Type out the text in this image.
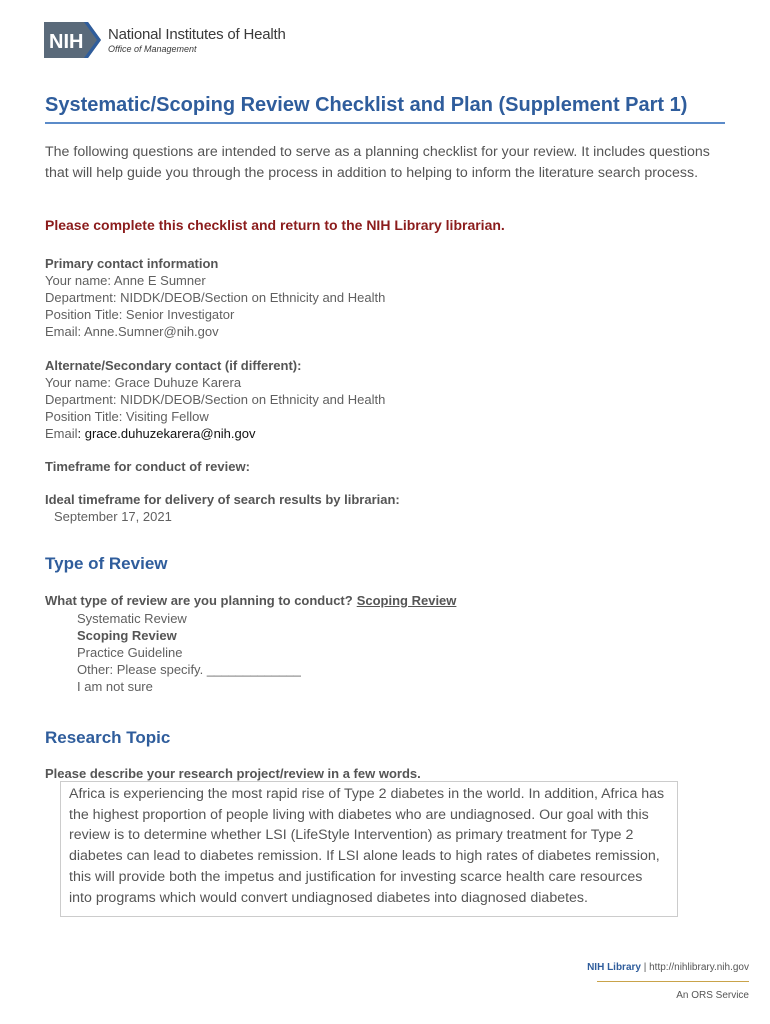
NIH National Institutes of Health
Office of Management
Systematic/Scoping Review Checklist and Plan (Supplement Part 1)

The following questions are intended to serve as a planning checklist for your review. It includes questions that will help guide you through the process in addition to helping to inform the literature search process.

Please complete this checklist and return to the NIH Library librarian.

Primary contact information
Your name: Anne E Sumner
Department: NIDDK/DEOB/Section on Ethnicity and Health
Position Title: Senior Investigator
Email: Anne.Sumner@nih.gov
Alternate/Secondary contact (if different):
Your name: Grace Duhuze Karera
Department: NIDDK/DEOB/Section on Ethnicity and Health
Position Title: Visiting Fellow
Email: grace.duhuzekarera@nih.gov
Timeframe for conduct of review:
Ideal timeframe for delivery of search results by librarian:
September 17, 2021
Type of Review
What type of review are you planning to conduct? Scoping Review
Systematic Review
Scoping Review
Practice Guideline
Other: Please specify. _____________
I am not sure
Research Topic
Please describe your research project/review in a few words.
Africa is experiencing the most rapid rise of Type 2 diabetes in the world. In addition, Africa has the highest proportion of people living with diabetes who are undiagnosed. Our goal with this review is to determine whether LSI (LifeStyle Intervention) as primary treatment for Type 2 diabetes can lead to diabetes remission. If LSI alone leads to high rates of diabetes remission, this will provide both the impetus and justification for investing scarce health care resources into programs which would convert undiagnosed diabetes into diagnosed diabetes.
NIH Library | http://nihlibrary.nih.gov
An ORS Service
